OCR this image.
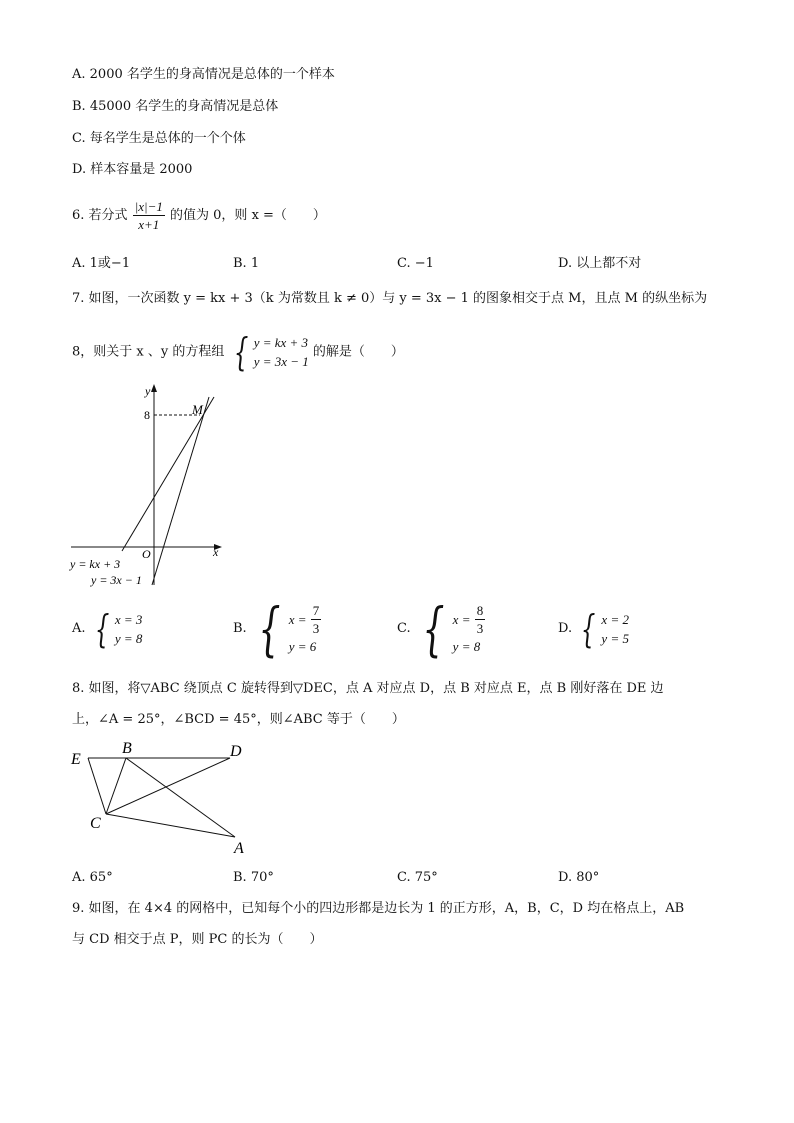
A. 2000 名学生的身高情况是总体的一个样本
B. 45000 名学生的身高情况是总体
C. 每名学生是总体的一个个体
D. 样本容量是 2000
6. 若分式 $\frac{|x|-1}{x+1}$ 的值为 0，则 x =（　　）
A. 1或−1	B. 1	C. −1	D. 以上都不对
7. 如图，一次函数 y = kx + 3（k 为常数且 k ≠ 0）与 y = 3x − 1 的图象相交于点 M，且点 M 的纵坐标为
8，则关于 x 、y 的方程组 { y = kx + 3
y = 3x − 1
的解是（　　）
y
x
O
8	M
y = kx + 3
y = 3x − 1
A. { x = 3
y = 8
B. { $x = \frac{7}{3}$
y = 6
C. { $x = \frac{8}{3}$
y = 8
D. { x = 2
y = 5
8. 如图，将▽ABC 绕顶点 C 旋转得到▽DEC，点 A 对应点 D，点 B 对应点 E，点 B 刚好落在 DE 边
上，∠A = 25°，∠BCD = 45°，则∠ABC 等于（　　）
E
B	D
C
A
A. 65°	B. 70°	C. 75°	D. 80°
9. 如图，在 4×4 的网格中，已知每个小的四边形都是边长为 1 的正方形，A，B，C，D 均在格点上，AB
与 CD 相交于点 P，则 PC 的长为（　　）
